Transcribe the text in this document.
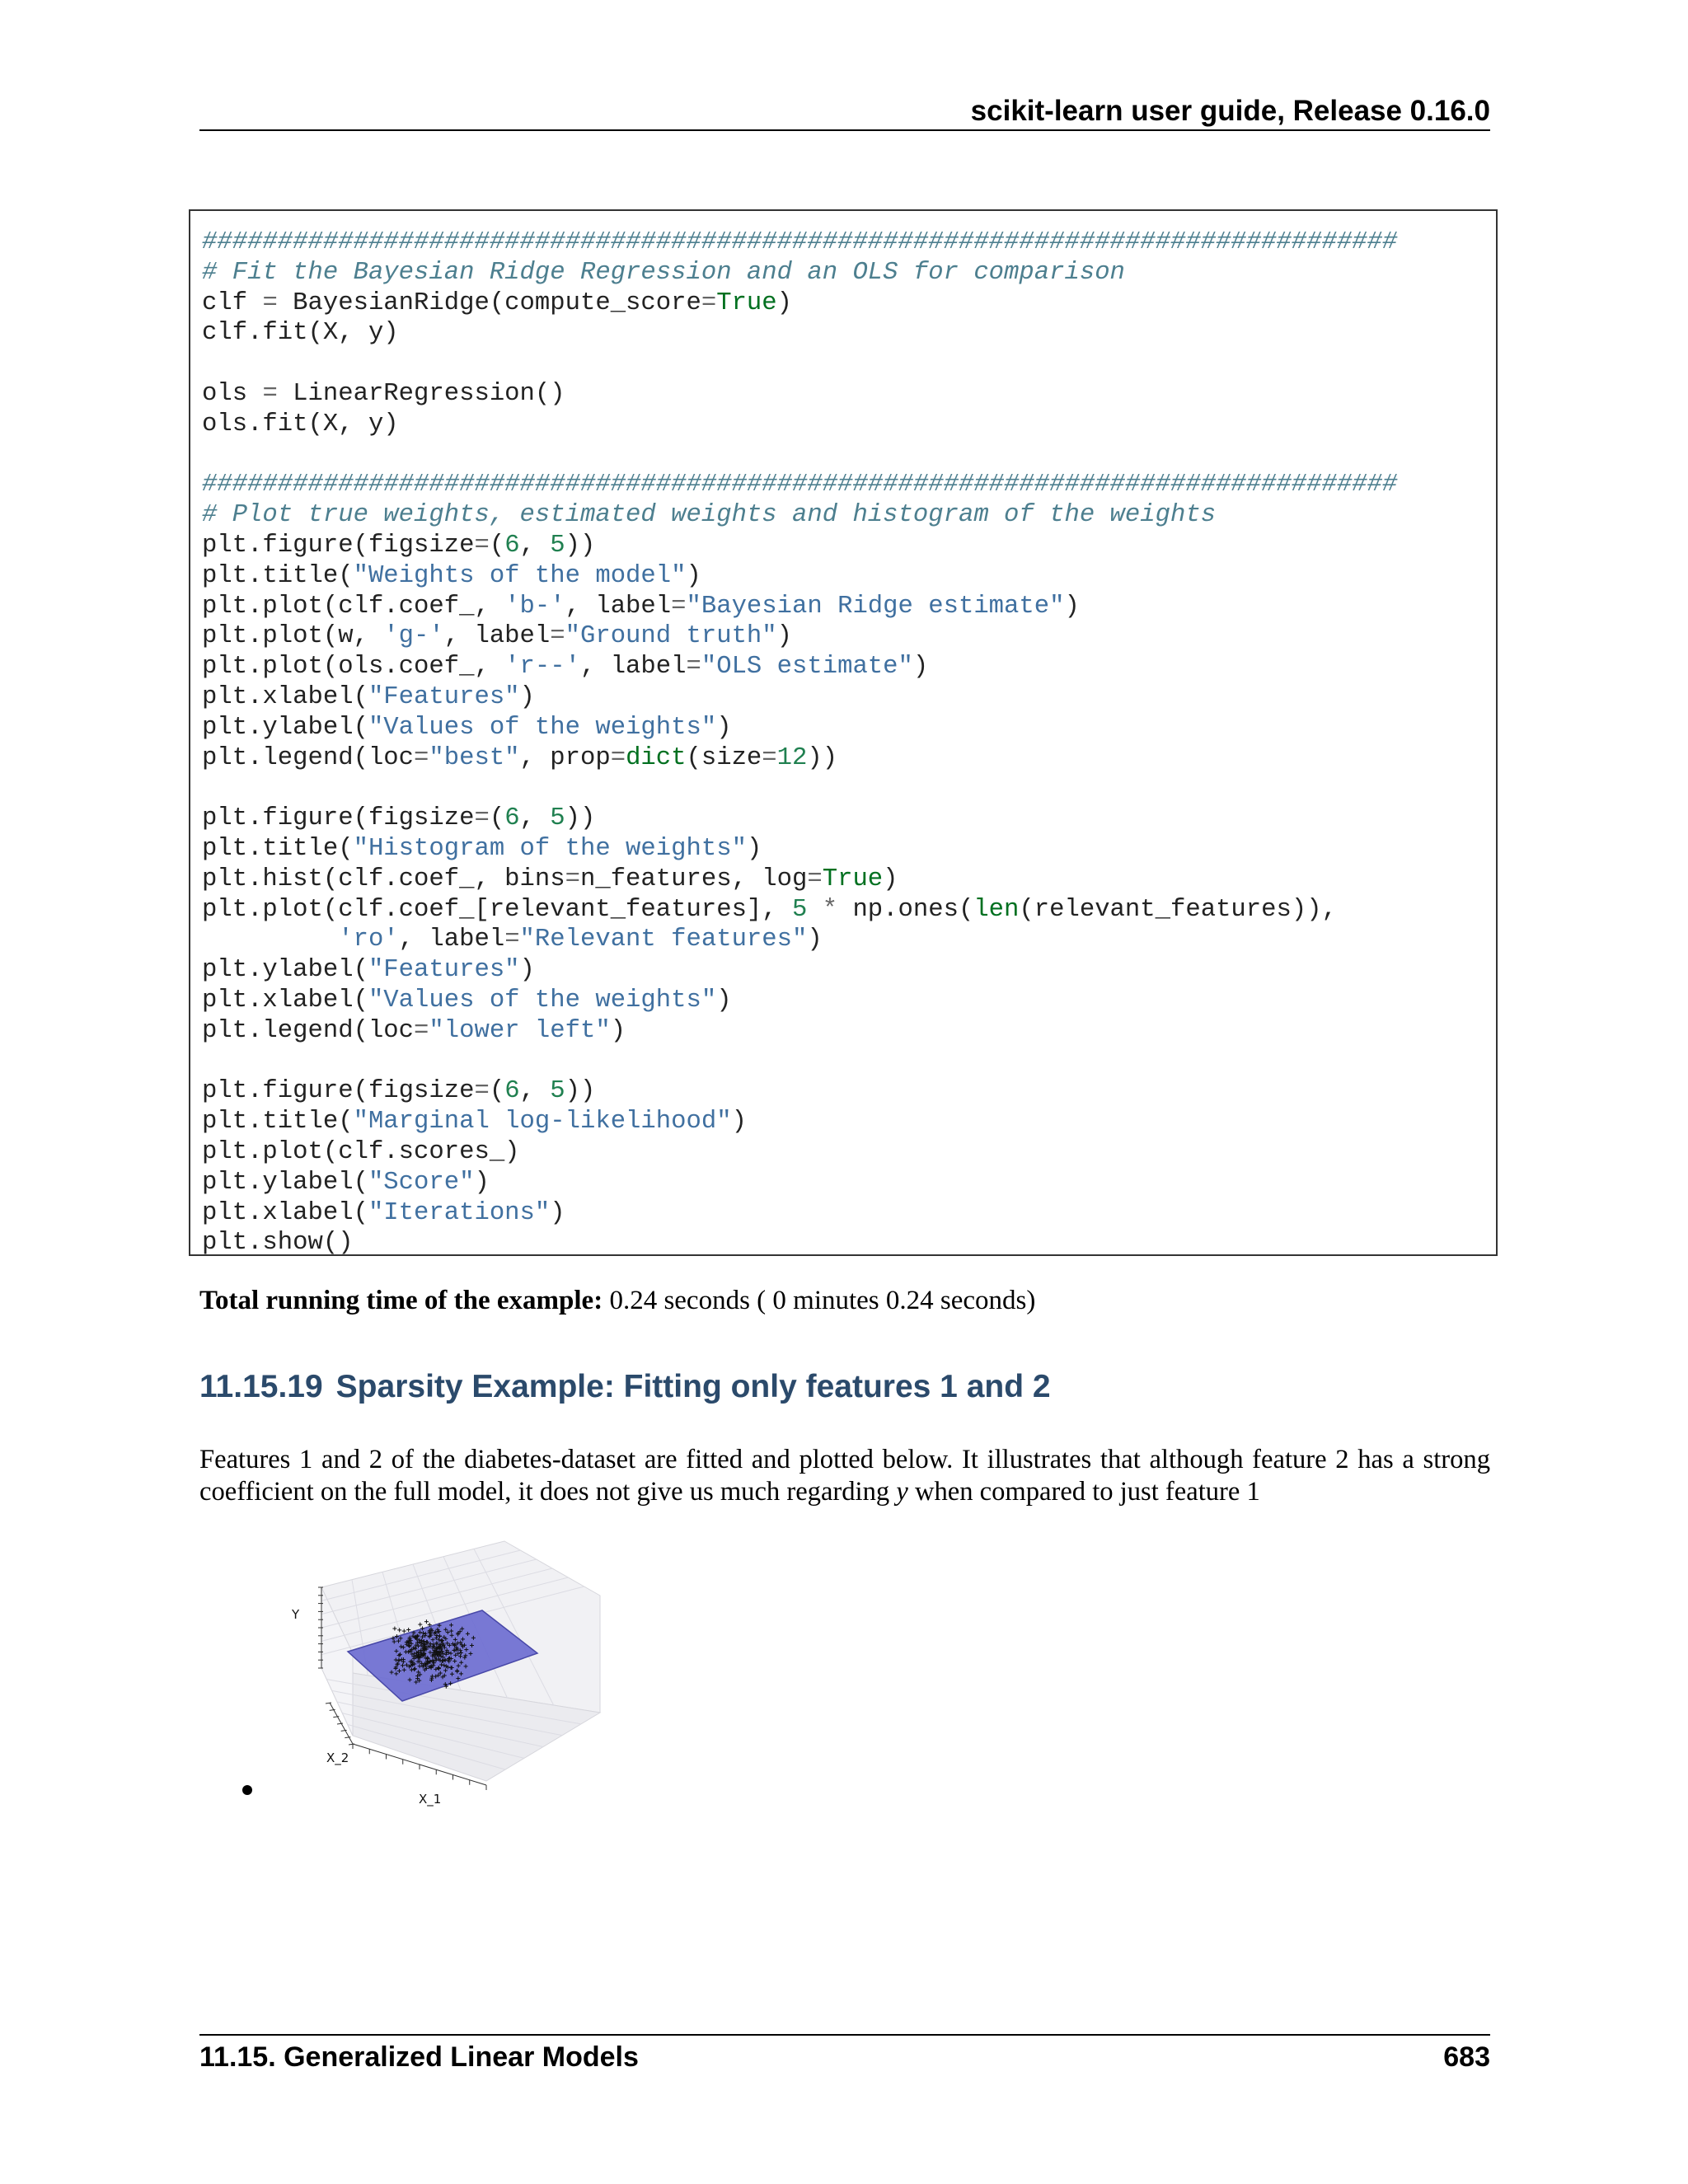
scikit-learn user guide, Release 0.16.0
###############################################################################
# Fit the Bayesian Ridge Regression and an OLS for comparison
clf = BayesianRidge(compute_score=True)
clf.fit(X, y)

ols = LinearRegression()
ols.fit(X, y)

###############################################################################
# Plot true weights, estimated weights and histogram of the weights
plt.figure(figsize=(6, 5))
plt.title("Weights of the model")
plt.plot(clf.coef_, 'b-', label="Bayesian Ridge estimate")
plt.plot(w, 'g-', label="Ground truth")
plt.plot(ols.coef_, 'r--', label="OLS estimate")
plt.xlabel("Features")
plt.ylabel("Values of the weights")
plt.legend(loc="best", prop=dict(size=12))

plt.figure(figsize=(6, 5))
plt.title("Histogram of the weights")
plt.hist(clf.coef_, bins=n_features, log=True)
plt.plot(clf.coef_[relevant_features], 5 * np.ones(len(relevant_features)),
'ro', label="Relevant features")
plt.ylabel("Features")
plt.xlabel("Values of the weights")
plt.legend(loc="lower left")

plt.figure(figsize=(6, 5))
plt.title("Marginal log-likelihood")
plt.plot(clf.scores_)
plt.ylabel("Score")
plt.xlabel("Iterations")
plt.show()
Total running time of the example: 0.24 seconds ( 0 minutes 0.24 seconds)
11.15.19 Sparsity Example: Fitting only features 1 and 2

Features 1 and 2 of the diabetes-dataset are fitted and plotted below. It illustrates that although feature 2 has a strong coefficient on the full model, it does not give us much regarding y when compared to just feature 1

Y
X_2
X_1
11.15. Generalized Linear Models	683
